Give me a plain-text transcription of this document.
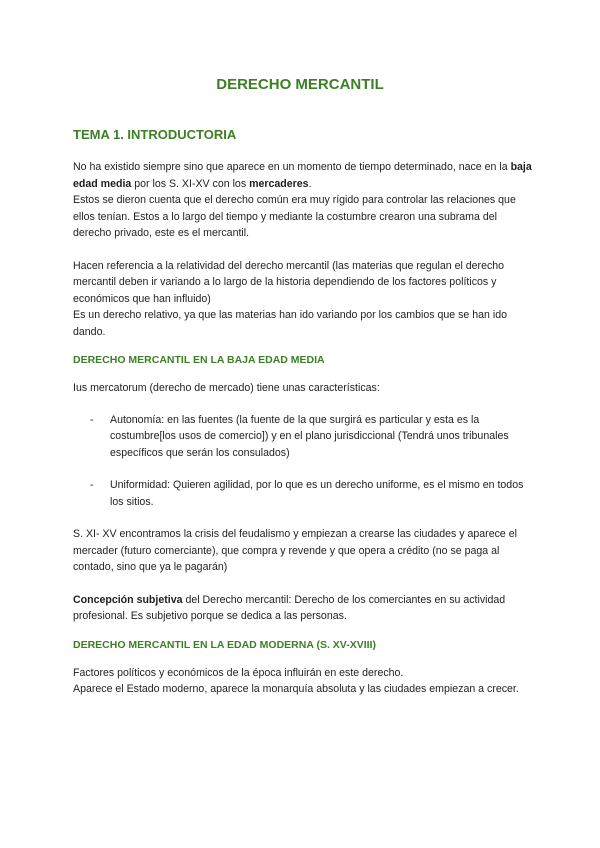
DERECHO MERCANTIL
TEMA 1. INTRODUCTORIA

No ha existido siempre sino que aparece en un momento de tiempo determinado, nace en la baja edad media por los S. XI-XV con los mercaderes.

Estos se dieron cuenta que el derecho común era muy rígido para controlar las relaciones que ellos tenían. Estos a lo largo del tiempo y mediante la costumbre crearon una subrama del derecho privado, este es el mercantil.

Hacen referencia a la relatividad del derecho mercantil (las materias que regulan el derecho mercantil deben ir variando a lo largo de la historia dependiendo de los factores políticos y económicos que han influido)

Es un derecho relativo, ya que las materias han ido variando por los cambios que se han ido dando.

DERECHO MERCANTIL EN LA BAJA EDAD MEDIA

Ius mercatorum (derecho de mercado) tiene unas características:

- Autonomía: en las fuentes (la fuente de la que surgirá es particular y esta es la costumbre[los usos de comercio]) y en el plano jurisdiccional (Tendrá unos tribunales específicos que serán los consulados)
- Uniformidad: Quieren agilidad, por lo que es un derecho uniforme, es el mismo en todos los sitios.

S. XI- XV encontramos la crisis del feudalismo y empiezan a crearse las ciudades y aparece el mercader (futuro comerciante), que compra y revende y que opera a crédito (no se paga al contado, sino que ya le pagarán)

Concepción subjetiva del Derecho mercantil: Derecho de los comerciantes en su actividad profesional. Es subjetivo porque se dedica a las personas.

DERECHO MERCANTIL EN LA EDAD MODERNA (S. XV-XVIII)

Factores políticos y económicos de la época influirán en este derecho.

Aparece el Estado moderno, aparece la monarquía absoluta y las ciudades empiezan a crecer.
